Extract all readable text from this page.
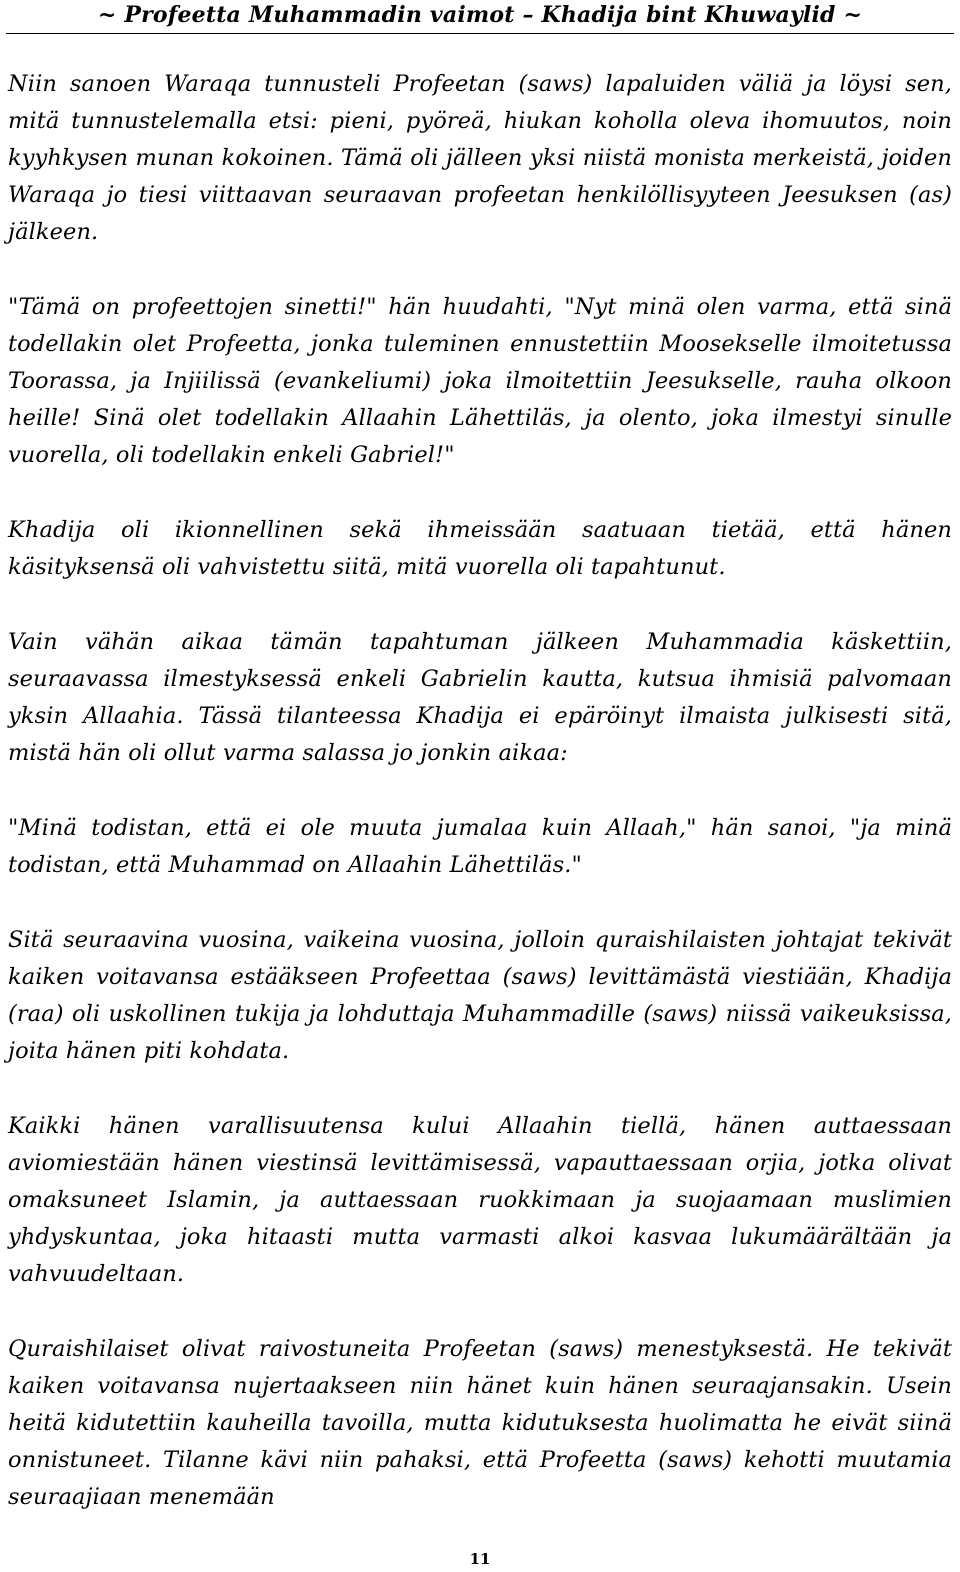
~ Profeetta Muhammadin vaimot – Khadija bint Khuwaylid ~

Niin sanoen Waraqa tunnusteli Profeetan (saws) lapaluiden väliä ja löysi sen, mitä tunnustelemalla etsi: pieni, pyöreä, hiukan koholla oleva ihomuutos, noin kyyhkysen munan kokoinen. Tämä oli jälleen yksi niistä monista merkeistä, joiden Waraqa jo tiesi viittaavan seuraavan profeetan henkilöllisyyteen Jeesuksen (as) jälkeen.

"Tämä on profeettojen sinetti!" hän huudahti, "Nyt minä olen varma, että sinä todellakin olet Profeetta, jonka tuleminen ennustettiin Moosekselle ilmoitetussa Toorassa, ja Injiilissä (evankeliumi) joka ilmoitettiin Jeesukselle, rauha olkoon heille! Sinä olet todellakin Allaahin Lähettiläs, ja olento, joka ilmestyi sinulle vuorella, oli todellakin enkeli Gabriel!"

Khadija oli ikionnellinen sekä ihmeissään saatuaan tietää, että hänen käsityksensä oli vahvistettu siitä, mitä vuorella oli tapahtunut.

Vain vähän aikaa tämän tapahtuman jälkeen Muhammadia käskettiin, seuraavassa ilmestyksessä enkeli Gabrielin kautta, kutsua ihmisiä palvomaan yksin Allaahia. Tässä tilanteessa Khadija ei epäröinyt ilmaista julkisesti sitä, mistä hän oli ollut varma salassa jo jonkin aikaa:

"Minä todistan, että ei ole muuta jumalaa kuin Allaah," hän sanoi, "ja minä todistan, että Muhammad on Allaahin Lähettiläs."

Sitä seuraavina vuosina, vaikeina vuosina, jolloin quraishilaisten johtajat tekivät kaiken voitavansa estääkseen Profeettaa (saws) levittämästä viestiään, Khadija (raa) oli uskollinen tukija ja lohduttaja Muhammadille (saws) niissä vaikeuksissa, joita hänen piti kohdata.

Kaikki hänen varallisuutensa kului Allaahin tiellä, hänen auttaessaan aviomiestään hänen viestinsä levittämisessä, vapauttaessaan orjia, jotka olivat omaksuneet Islamin, ja auttaessaan ruokkimaan ja suojaamaan muslimien yhdyskuntaa, joka hitaasti mutta varmasti alkoi kasvaa lukumäärältään ja vahvuudeltaan.

Quraishilaiset olivat raivostuneita Profeetan (saws) menestyksestä. He tekivät kaiken voitavansa nujertaakseen niin hänet kuin hänen seuraajansakin. Usein heitä kidutettiin kauheilla tavoilla, mutta kidutuksesta huolimatta he eivät siinä onnistuneet. Tilanne kävi niin pahaksi, että Profeetta (saws) kehotti muutamia seuraajiaan menemään

11
